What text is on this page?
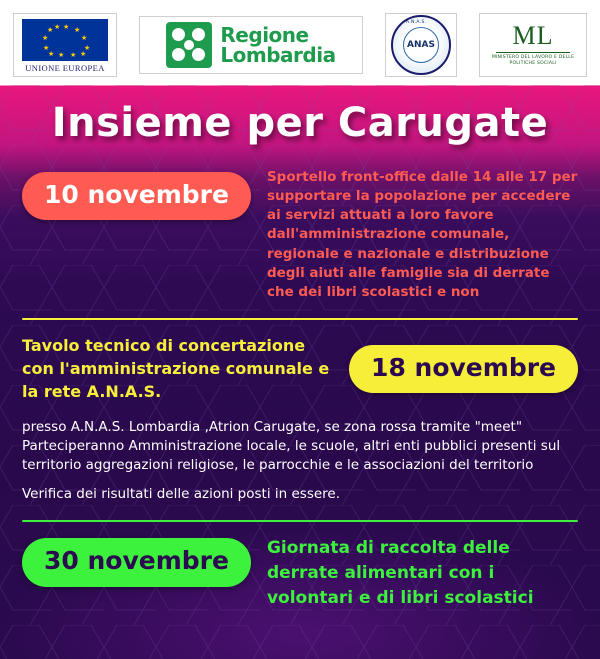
★ ★
★
★
★
★
★
★
★
★
★ ★
UNIONE EUROPEA
Regione
Lombardia
A.N.A.S.
ANAS	ML
MINISTERO DEL LAVORO E DELLE POLITICHE SOCIALI
Insieme per Carugate
10 novembre
Sportello front-office dalle 14 alle 17 per supportare la popolazione per accedere ai servizi attuati a loro favore dall'amministrazione comunale, regionale e nazionale e distribuzione degli aiuti alle famiglie sia di derrate che dei libri scolastici e non
Tavolo tecnico di concertazione con l'amministrazione comunale e la rete A.N.A.S.
18 novembre

presso A.N.A.S. Lombardia ,Atrion Carugate, se zona rossa tramite "meet" Parteciperanno Amministrazione locale, le scuole, altri enti pubblici presenti sul territorio aggregazioni religiose, le parrocchie e le associazioni del territorio

Verifica dei risultati delle azioni posti in essere.

30 novembre	Giornata di raccolta delle derrate alimentari con i volontari e di libri scolastici
